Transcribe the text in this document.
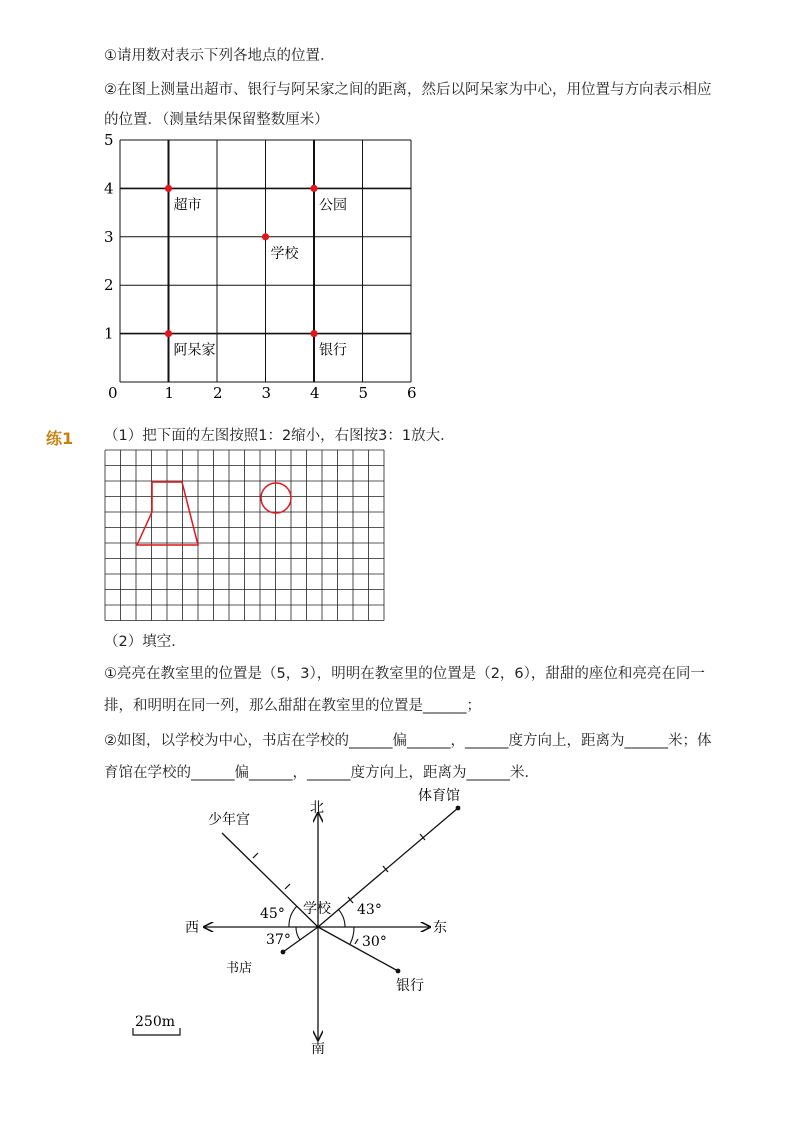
①请用数对表示下列各地点的位置．
②在图上测量出超市、银行与阿呆家之间的距离，然后以阿呆家为中心，用位置与方向表示相应
的位置．（测量结果保留整数厘米）
0	1	2	3	4	5	6
1
2
3
4
5
超市	公园
学校
阿呆家	银行
练1 （1）把下面的左图按照1：2缩小，右图按3：1放大．
（2）填空．
①亮亮在教室里的位置是（5，3），明明在教室里的位置是（2，6），甜甜的座位和亮亮在同一
排，和明明在同一列，那么甜甜在教室里的位置是______；
②如图，以学校为中心，书店在学校的______偏______，______度方向上，距离为______米；体
育馆在学校的______偏______，______度方向上，距离为______米．
北
南
东
西
学校
少年宫
体育馆
书店
银行
45°	43°
37°	30°
250m
